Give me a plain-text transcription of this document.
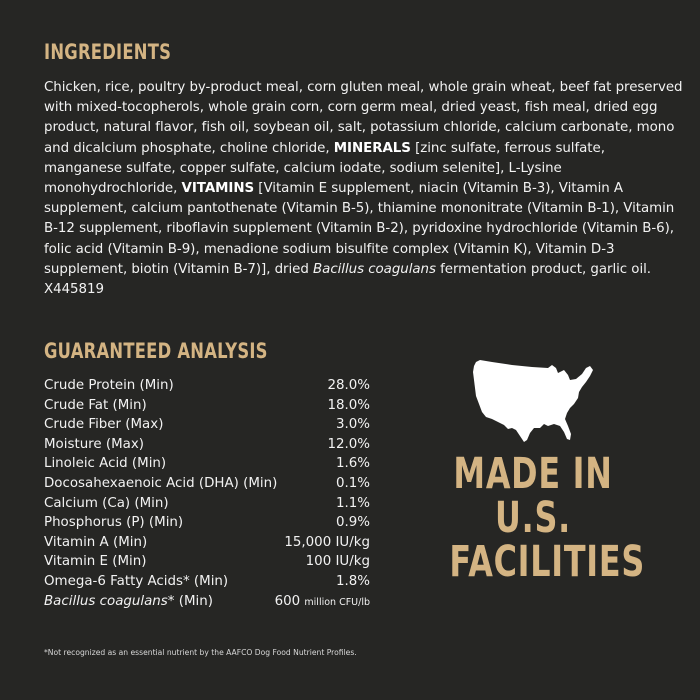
INGREDIENTS
Chicken, rice, poultry by-product meal, corn gluten meal, whole grain wheat, beef fat preserved with mixed-tocopherols, whole grain corn, corn germ meal, dried yeast, fish meal, dried egg product, natural flavor, fish oil, soybean oil, salt, potassium chloride, calcium carbonate, mono and dicalcium phosphate, choline chloride, MINERALS [zinc sulfate, ferrous sulfate, manganese sulfate, copper sulfate, calcium iodate, sodium selenite], L-Lysine monohydrochloride, VITAMINS [Vitamin E supplement, niacin (Vitamin B-3), Vitamin A supplement, calcium pantothenate (Vitamin B-5), thiamine mononitrate (Vitamin B-1), Vitamin B-12 supplement, riboflavin supplement (Vitamin B-2), pyridoxine hydrochloride (Vitamin B-6), folic acid (Vitamin B-9), menadione sodium bisulfite complex (Vitamin K), Vitamin D-3 supplement, biotin (Vitamin B-7)], dried Bacillus coagulans fermentation product, garlic oil. X445819
GUARANTEED ANALYSIS
Crude Protein (Min)	28.0%
Crude Fat (Min)	18.0%
Crude Fiber (Max)	3.0%
Moisture (Max)	12.0%
Linoleic Acid (Min)	1.6%
Docosahexaenoic Acid (DHA) (Min)	0.1%
Calcium (Ca) (Min)	1.1%
Phosphorus (P) (Min)	0.9%
Vitamin A (Min)	15,000 IU/kg
Vitamin E (Min)	100 IU/kg
Omega-6 Fatty Acids* (Min)	1.8%
Bacillus coagulans* (Min)	600 million CFU/lb
*Not recognized as an essential nutrient by the AAFCO Dog Food Nutrient Profiles.
MADE IN
U.S.
FACILITIES
